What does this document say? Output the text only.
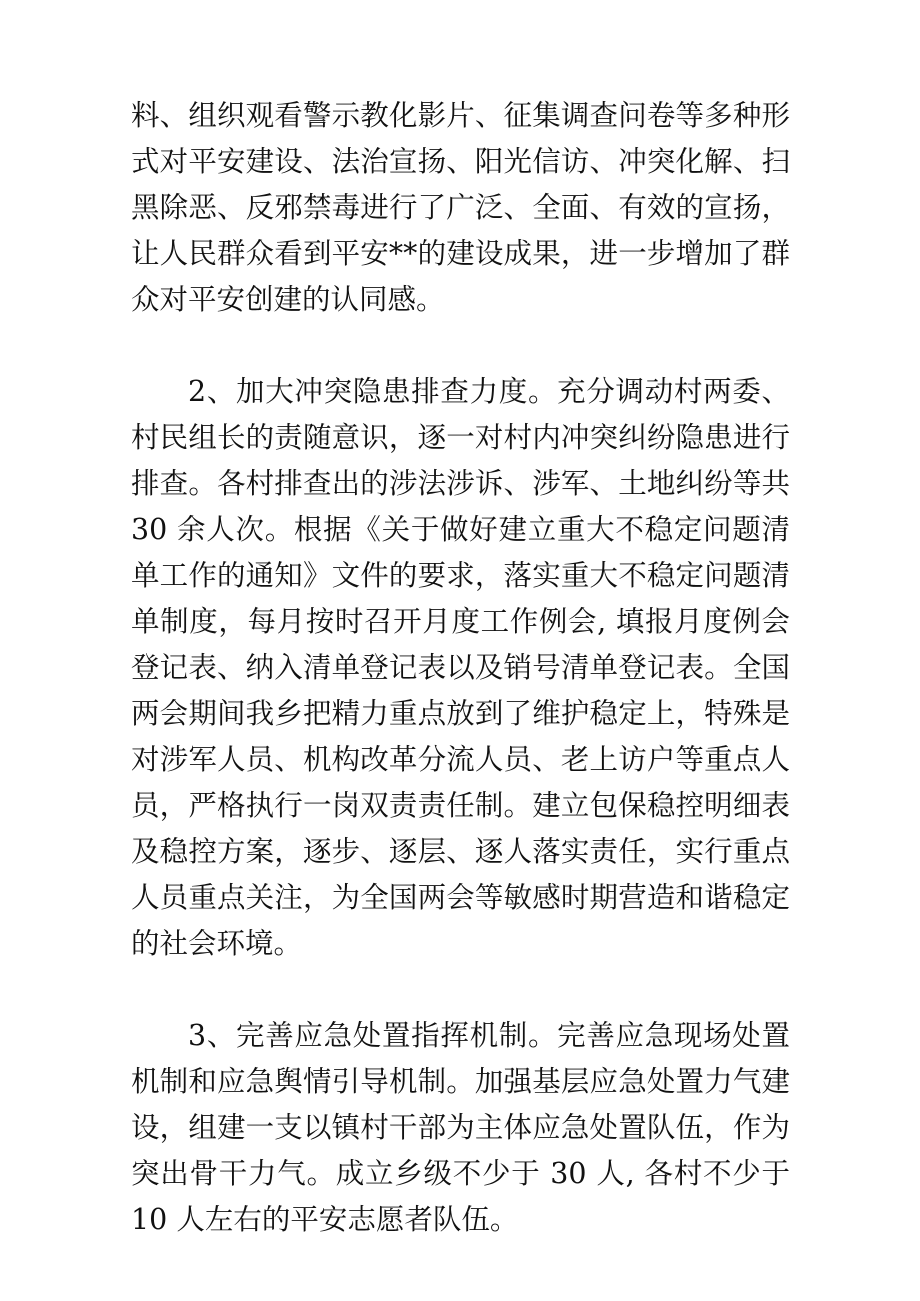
料、组织观看警示教化影片、征集调查问卷等多种形式对平安建设、法治宣扬、阳光信访、冲突化解、扫黑除恶、反邪禁毒进行了广泛、全面、有效的宣扬，让人民群众看到平安**的建设成果，进一步增加了群众对平安创建的认同感。

2、加大冲突隐患排查力度。充分调动村两委、村民组长的责随意识，逐一对村内冲突纠纷隐患进行排查。各村排查出的涉法涉诉、涉军、土地纠纷等共 30 余人次。根据《关于做好建立重大不稳定问题清单工作的通知》文件的要求，落实重大不稳定问题清单制度，每月按时召开月度工作例会, 填报月度例会登记表、纳入清单登记表以及销号清单登记表。全国两会期间我乡把精力重点放到了维护稳定上，特殊是对涉军人员、机构改革分流人员、老上访户等重点人员，严格执行一岗双责责任制。建立包保稳控明细表及稳控方案，逐步、逐层、逐人落实责任，实行重点人员重点关注，为全国两会等敏感时期营造和谐稳定的社会环境。

3、完善应急处置指挥机制。完善应急现场处置机制和应急舆情引导机制。加强基层应急处置力气建设，组建一支以镇村干部为主体应急处置队伍，作为突出骨干力气。成立乡级不少于 30 人, 各村不少于 10 人左右的平安志愿者队伍。
